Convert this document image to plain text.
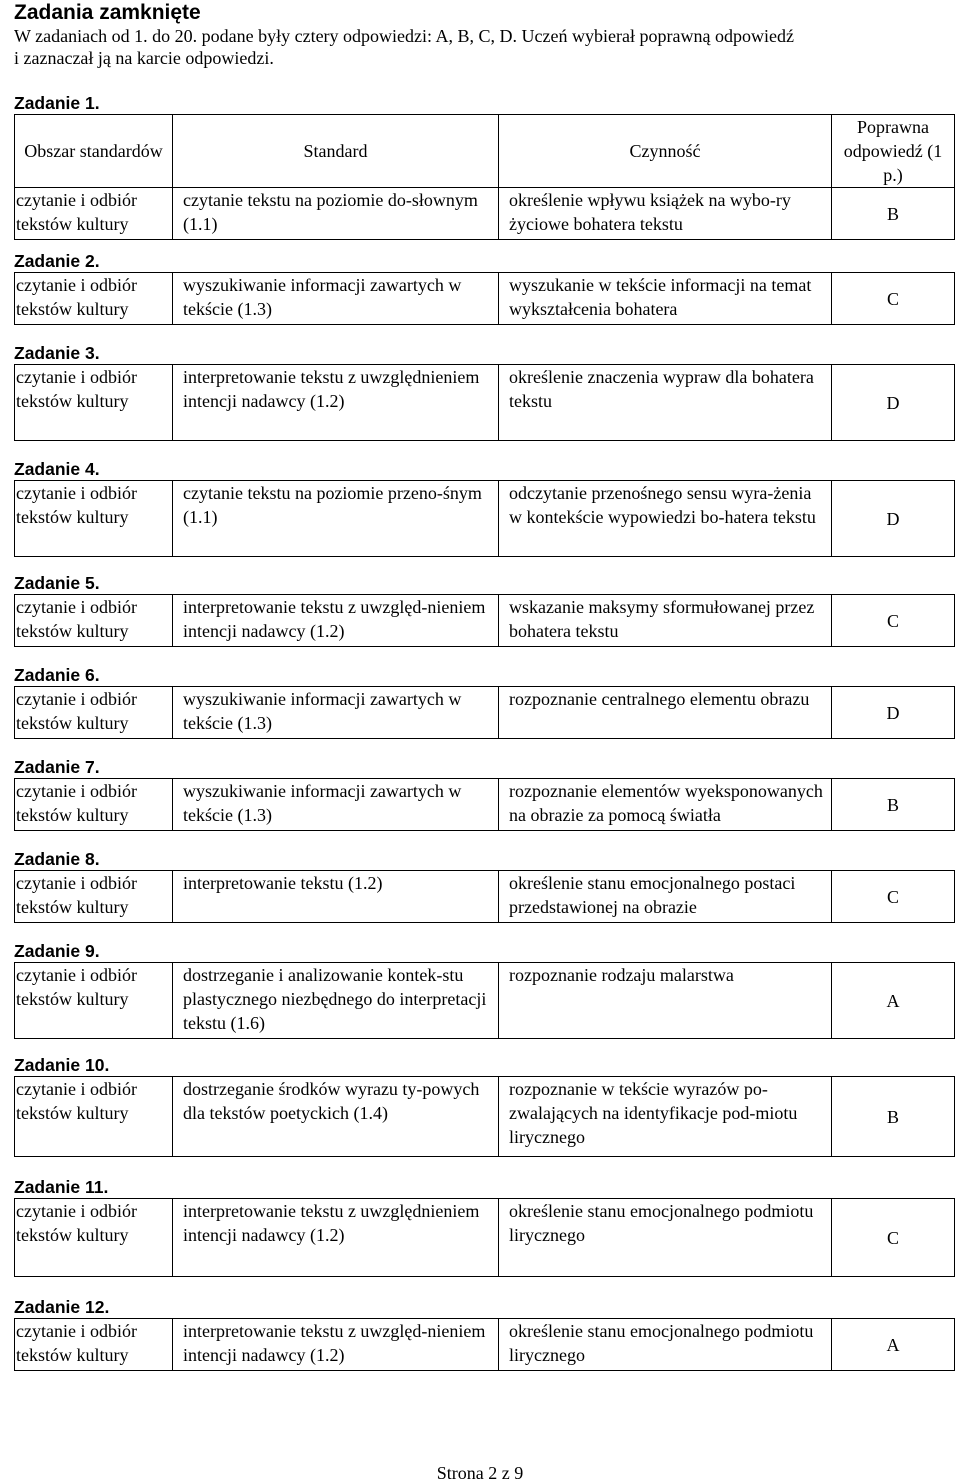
Zadania zamknięte

W zadaniach od 1. do 20. podane były cztery odpowiedzi: A, B, C, D. Uczeń wybierał poprawną odpowiedź

i zaznaczał ją na karcie odpowiedzi.

Zadanie 1.
Obszar standardów	Standard	Czynność	Poprawna odpowiedź (1 p.)
czytanie i odbiór tekstów kultury	czytanie tekstu na poziomie do-słownym (1.1)	określenie wpływu książek na wybo-ry życiowe bohatera tekstu	B
Zadanie 2.
czytanie i odbiór tekstów kultury	wyszukiwanie informacji zawartych w tekście (1.3)	wyszukanie w tekście informacji na temat wykształcenia bohatera	C
Zadanie 3.
czytanie i odbiór tekstów kultury	interpretowanie tekstu z uwzględnieniem intencji nadawcy (1.2)	określenie znaczenia wypraw dla bohatera tekstu	D
Zadanie 4.
czytanie i odbiór tekstów kultury	czytanie tekstu na poziomie przeno-śnym (1.1)	odczytanie przenośnego sensu wyra-żenia w kontekście wypowiedzi bo-hatera tekstu	D
Zadanie 5.
czytanie i odbiór tekstów kultury	interpretowanie tekstu z uwzględ-nieniem intencji nadawcy (1.2)	wskazanie maksymy sformułowanej przez bohatera tekstu	C
Zadanie 6.
czytanie i odbiór tekstów kultury	wyszukiwanie informacji zawartych w tekście (1.3)	rozpoznanie centralnego elementu obrazu	D
Zadanie 7.
czytanie i odbiór tekstów kultury	wyszukiwanie informacji zawartych w tekście (1.3)	rozpoznanie elementów wyeksponowanych na obrazie za pomocą światła	B
Zadanie 8.
czytanie i odbiór tekstów kultury	interpretowanie tekstu (1.2)	określenie stanu emocjonalnego postaci przedstawionej na obrazie	C
Zadanie 9.
czytanie i odbiór tekstów kultury	dostrzeganie i analizowanie kontek-stu plastycznego niezbędnego do interpretacji tekstu (1.6)	rozpoznanie rodzaju malarstwa	A
Zadanie 10.
czytanie i odbiór tekstów kultury	dostrzeganie środków wyrazu ty-powych dla tekstów poetyckich (1.4)	rozpoznanie w tekście wyrazów po-zwalających na identyfikacje pod-miotu lirycznego	B
Zadanie 11.
czytanie i odbiór tekstów kultury	interpretowanie tekstu z uwzględnieniem intencji nadawcy (1.2)	określenie stanu emocjonalnego podmiotu lirycznego	C
Zadanie 12.
czytanie i odbiór tekstów kultury	interpretowanie tekstu z uwzględ-nieniem intencji nadawcy (1.2)	określenie stanu emocjonalnego podmiotu lirycznego	A
Strona 2 z 9
